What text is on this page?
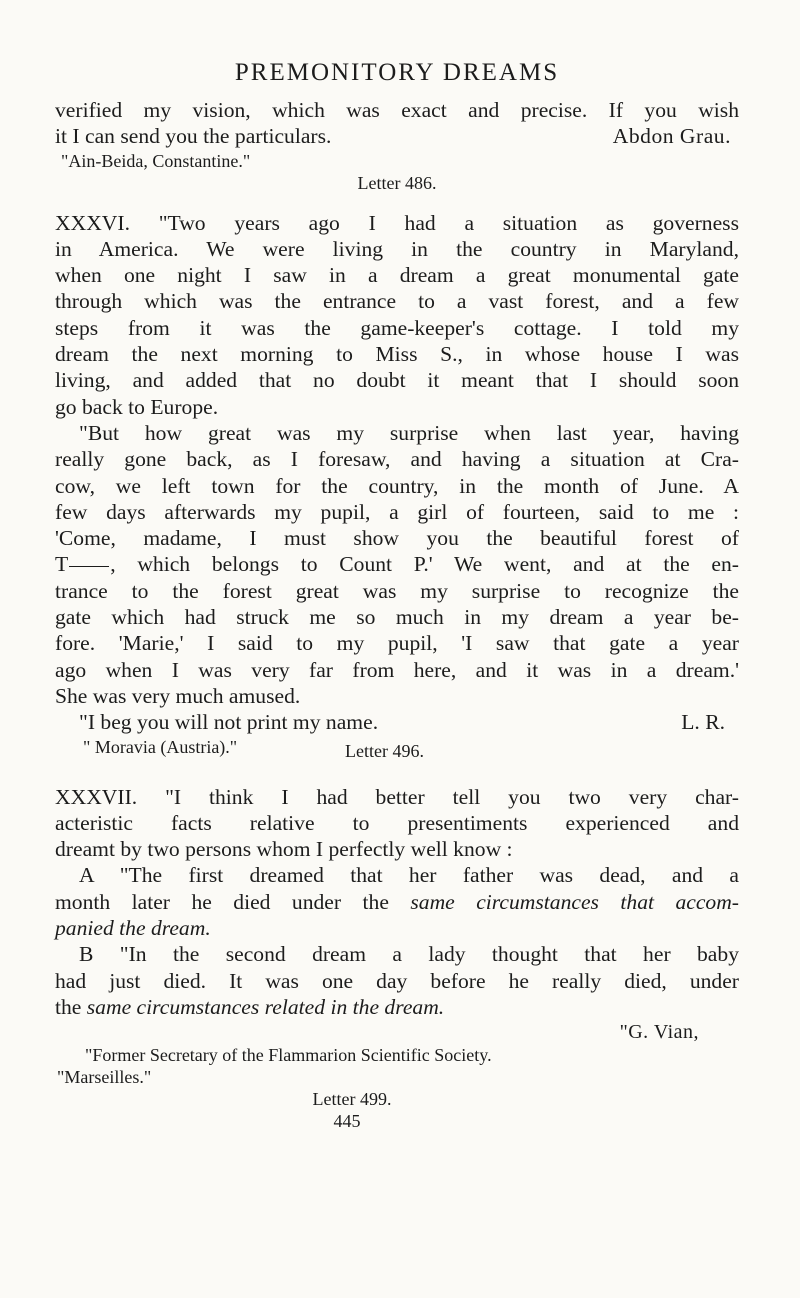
PREMONITORY DREAMS
verified my vision, which was exact and precise. If you wish
it I can send you the particulars.	Abdon Grau.
"Ain-Beida, Constantine."
Letter 486.
XXXVI. "Two years ago I had a situation as governess
in America. We were living in the country in Maryland,
when one night I saw in a dream a great monumental gate
through which was the entrance to a vast forest, and a few
steps from it was the game-keeper's cottage. I told my
dream the next morning to Miss S., in whose house I was
living, and added that no doubt it meant that I should soon
go back to Europe.
"But how great was my surprise when last year, having
really gone back, as I foresaw, and having a situation at Cra-
cow, we left town for the country, in the month of June. A
few days afterwards my pupil, a girl of fourteen, said to me :
'Come, madame, I must show you the beautiful forest of
T , which belongs to Count P.' We went, and at the en-
trance to the forest great was my surprise to recognize the
gate which had struck me so much in my dream a year be-
fore. 'Marie,' I said to my pupil, 'I saw that gate a year
ago when I was very far from here, and it was in a dream.'
She was very much amused.
"I beg you will not print my name.	L. R.
" Moravia (Austria)."	Letter 496.
XXXVII. "I think I had better tell you two very char-
acteristic facts relative to presentiments experienced and
dreamt by two persons whom I perfectly well know :
A "The first dreamed that her father was dead, and a
month later he died under the same circumstances that accom-
panied the dream.
B "In the second dream a lady thought that her baby
had just died. It was one day before he really died, under
the same circumstances related in the dream.
"G. Vian,
"Former Secretary of the Flammarion Scientific Society.
"Marseilles."
Letter 499.
445
